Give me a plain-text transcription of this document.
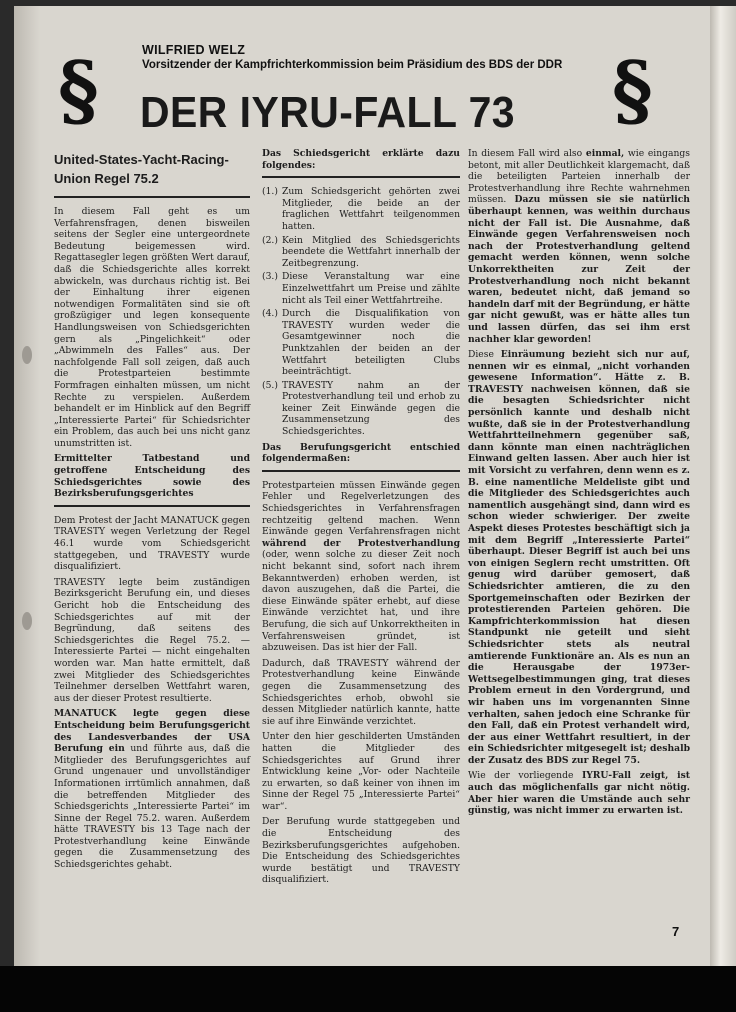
§	§
WILFRIED WELZ
Vorsitzender der Kampfrichterkommission beim Präsidium des BDS der DDR
DER IYRU-FALL 73
United-States-Yacht-Racing-Union Regel 75.2

In diesem Fall geht es um Verfahrensfragen, denen bisweilen seitens der Segler eine untergeordnete Bedeutung beigemessen wird. Regattasegler legen größten Wert darauf, daß die Schiedsgerichte alles korrekt abwickeln, was durchaus richtig ist. Bei der Einhaltung ihrer eigenen notwendigen Formalitäten sind sie oft großzügiger und legen konsequente Handlungsweisen von Schiedsgerichten gern als „Pingelichkeit“ oder „Abwimmeln des Falles“ aus. Der nachfolgende Fall soll zeigen, daß auch die Protestparteien bestimmte Formfragen einhalten müssen, um nicht Rechte zu verspielen. Außerdem behandelt er im Hinblick auf den Begriff „Interessierte Partei“ für Schiedsrichter ein Problem, das auch bei uns nicht ganz unumstritten ist.

Ermittelter Tatbestand und getroffene Entscheidung des Schiedsgerichtes sowie des Bezirksberufungsgerichtes

Dem Protest der Jacht MANATUCK gegen TRAVESTY wegen Verletzung der Regel 46.1 wurde vom Schiedsgericht stattgegeben, und TRAVESTY wurde disqualifiziert.

TRAVESTY legte beim zuständigen Bezirksgericht Berufung ein, und dieses Gericht hob die Entscheidung des Schiedsgerichtes auf mit der Begründung, daß seitens des Schiedsgerichtes die Regel 75.2. — Interessierte Partei — nicht eingehalten worden war. Man hatte ermittelt, daß zwei Mitglieder des Schiedsgerichtes Teilnehmer derselben Wettfahrt waren, aus der dieser Protest resultierte.

MANATUCK legte gegen diese Entscheidung beim Berufungsgericht des Landesverbandes der USA Berufung ein und führte aus, daß die Mitglieder des Berufungsgerichtes auf Grund ungenauer und unvollständiger Informationen irrtümlich annahmen, daß die betreffenden Mitglieder des Schiedsgerichts „Interessierte Partei“ im Sinne der Regel 75.2. waren. Außerdem hätte TRAVESTY bis 13 Tage nach der Protestverhandlung keine Einwände gegen die Zusammensetzung des Schiedsgerichtes gehabt.

Das Schiedsgericht erklärte dazu folgendes:

(1.) Zum Schiedsgericht gehörten zwei Mitglieder, die beide an der fraglichen Wettfahrt teilgenommen hatten.
(2.) Kein Mitglied des Schiedsgerichts beendete die Wettfahrt innerhalb der Zeitbegrenzung.
(3.) Diese Veranstaltung war eine Einzelwettfahrt um Preise und zählte nicht als Teil einer Wettfahrtreihe.
(4.) Durch die Disqualifikation von TRAVESTY wurden weder die Gesamtgewinner noch die Punktzahlen der beiden an der Wettfahrt beteiligten Clubs beeinträchtigt.
(5.) TRAVESTY nahm an der Protestverhandlung teil und erhob zu keiner Zeit Einwände gegen die Zusammensetzung des Schiedsgerichtes.

Das Berufungsgericht entschied folgendermaßen:

Protestparteien müssen Einwände gegen Fehler und Regelverletzungen des Schiedsgerichtes in Verfahrensfragen rechtzeitig geltend machen. Wenn Einwände gegen Verfahrensfragen nicht während der Protestverhandlung (oder, wenn solche zu dieser Zeit noch nicht bekannt sind, sofort nach ihrem Bekanntwerden) erhoben werden, ist davon auszugehen, daß die Partei, die diese Einwände später erhebt, auf diese Einwände verzichtet hat, und ihre Berufung, die sich auf Unkorrektheiten in Verfahrensweisen gründet, ist abzuweisen. Das ist hier der Fall.

Dadurch, daß TRAVESTY während der Protestverhandlung keine Einwände gegen die Zusammensetzung des Schiedsgerichtes erhob, obwohl sie dessen Mitglieder natürlich kannte, hatte sie auf ihre Einwände verzichtet.

Unter den hier geschilderten Umständen hatten die Mitglieder des Schiedsgerichtes auf Grund ihrer Entwicklung keine „Vor- oder Nachteile zu erwarten, so daß keiner von ihnen im Sinne der Regel 75 „Interessierte Partei“ war“.

Der Berufung wurde stattgegeben und die Entscheidung des Bezirksberufungsgerichtes aufgehoben. Die Entscheidung des Schiedsgerichtes wurde bestätigt und TRAVESTY disqualifiziert.

In diesem Fall wird also einmal, wie eingangs betont, mit aller Deutlichkeit klargemacht, daß die beteiligten Parteien innerhalb der Protestverhandlung ihre Rechte wahrnehmen müssen. Dazu müssen sie sie natürlich überhaupt kennen, was weithin durchaus nicht der Fall ist. Die Ausnahme, daß Einwände gegen Verfahrensweisen noch nach der Protestverhandlung geltend gemacht werden können, wenn solche Unkorrektheiten zur Zeit der Protestverhandlung noch nicht bekannt waren, bedeutet nicht, daß jemand so handeln darf mit der Begründung, er hätte gar nicht gewußt, was er hätte alles tun und lassen dürfen, das sei ihm erst nachher klar geworden!

Diese Einräumung bezieht sich nur auf, nennen wir es einmal, „nicht vorhanden gewesene Information“. Hätte z. B. TRAVESTY nachweisen können, daß sie die besagten Schiedsrichter nicht persönlich kannte und deshalb nicht wußte, daß sie in der Protestverhandlung Wettfahrtteilnehmern gegenüber saß, dann könnte man einen nachträglichen Einwand gelten lassen. Aber auch hier ist mit Vorsicht zu verfahren, denn wenn es z. B. eine namentliche Meldeliste gibt und die Mitglieder des Schiedsgerichtes auch namentlich ausgehängt sind, dann wird es schon wieder schwieriger. Der zweite Aspekt dieses Protestes beschäftigt sich ja mit dem Begriff „Interessierte Partei“ überhaupt. Dieser Begriff ist auch bei uns von einigen Seglern recht umstritten. Oft genug wird darüber gemosert, daß Schiedsrichter amtieren, die zu den Sportgemeinschaften oder Bezirken der protestierenden Parteien gehören. Die Kampfrichterkommission hat diesen Standpunkt nie geteilt und sieht Schiedsrichter stets als neutral amtierende Funktionäre an. Als es nun an die Herausgabe der 1973er-Wettsegelbestimmungen ging, trat dieses Problem erneut in den Vordergrund, und wir haben uns im vorgenannten Sinne verhalten, sahen jedoch eine Schranke für den Fall, daß ein Protest verhandelt wird, der aus einer Wettfahrt resultiert, in der ein Schiedsrichter mitgesegelt ist; deshalb der Zusatz des BDS zur Regel 75.

Wie der vorliegende IYRU-Fall zeigt, ist auch das möglichenfalls gar nicht nötig. Aber hier waren die Umstände auch sehr günstig, was nicht immer zu erwarten ist.

7
